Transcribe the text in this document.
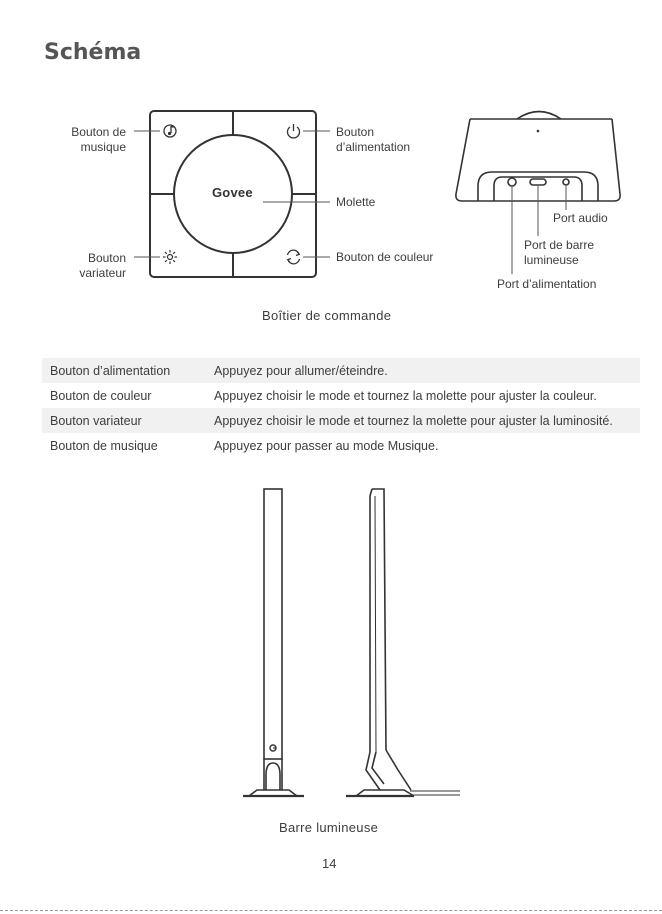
Schéma
Bouton de
musique
Bouton
d’alimentation
Molette
Bouton
variateur
Bouton de couleur
Govee
Port audio
Port de barre
lumineuse
Port d’alimentation
Boîtier de commande
Bouton d’alimentation	Appuyez pour allumer/éteindre.
Bouton de couleur	Appuyez choisir le mode et tournez la molette pour ajuster la couleur.
Bouton variateur	Appuyez choisir le mode et tournez la molette pour ajuster la luminosité.
Bouton de musique	Appuyez pour passer au mode Musique.
Barre lumineuse
14
